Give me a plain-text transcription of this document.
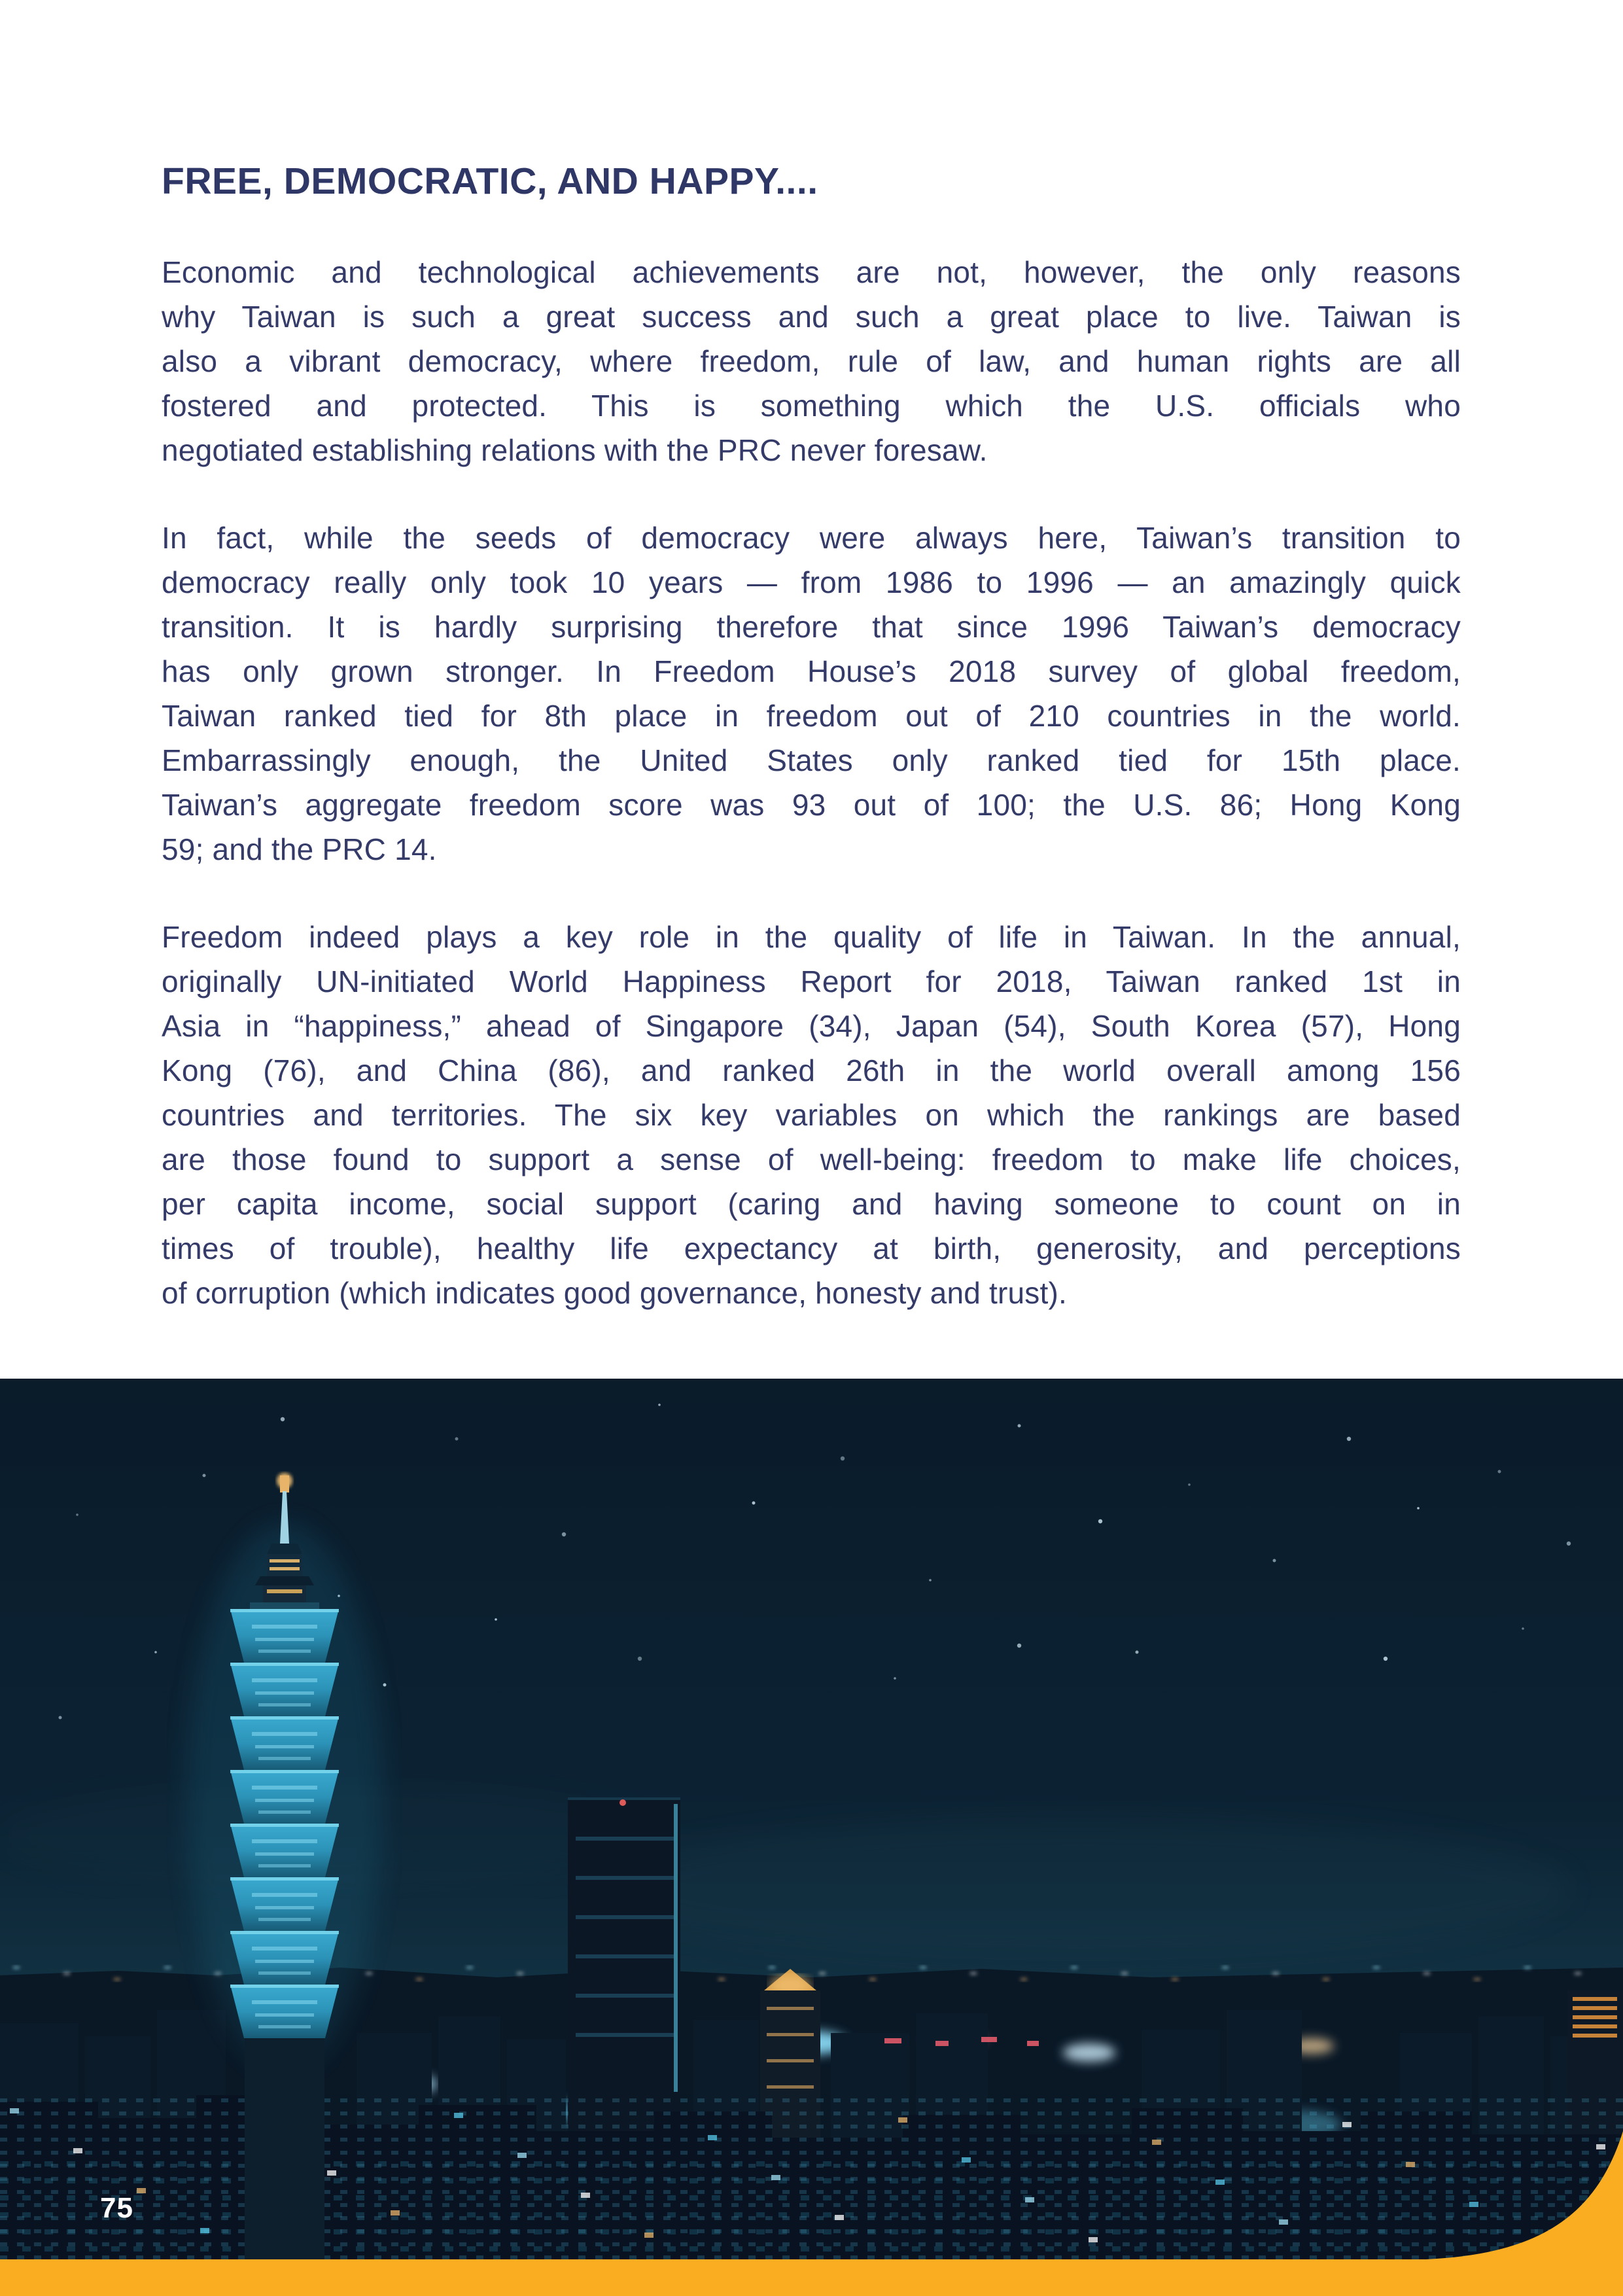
FREE, DEMOCRATIC, AND HAPPY....
Economic and technological achievements are not, however, the only reasons
why Taiwan is such a great success and such a great place to live. Taiwan is
also a vibrant democracy, where freedom, rule of law, and human rights are all
fostered and protected. This is something which the U.S. officials who
negotiated establishing relations with the PRC never foresaw.
In fact, while the seeds of democracy were always here, Taiwan’s transition to
democracy really only took 10 years — from 1986 to 1996 — an amazingly quick
transition. It is hardly surprising therefore that since 1996 Taiwan’s democracy
has only grown stronger. In Freedom House’s 2018 survey of global freedom,
Taiwan ranked tied for 8th place in freedom out of 210 countries in the world.
Embarrassingly enough, the United States only ranked tied for 15th place.
Taiwan’s aggregate freedom score was 93 out of 100; the U.S. 86; Hong Kong
59; and the PRC 14.
Freedom indeed plays a key role in the quality of life in Taiwan. In the annual,
originally UN-initiated World Happiness Report for 2018, Taiwan ranked 1st in
Asia in “happiness,” ahead of Singapore (34), Japan (54), South Korea (57), Hong
Kong (76), and China (86), and ranked 26th in the world overall among 156
countries and territories. The six key variables on which the rankings are based
are those found to support a sense of well-being: freedom to make life choices,
per capita income, social support (caring and having someone to count on in
times of trouble), healthy life expectancy at birth, generosity, and perceptions
of corruption (which indicates good governance, honesty and trust).
75
